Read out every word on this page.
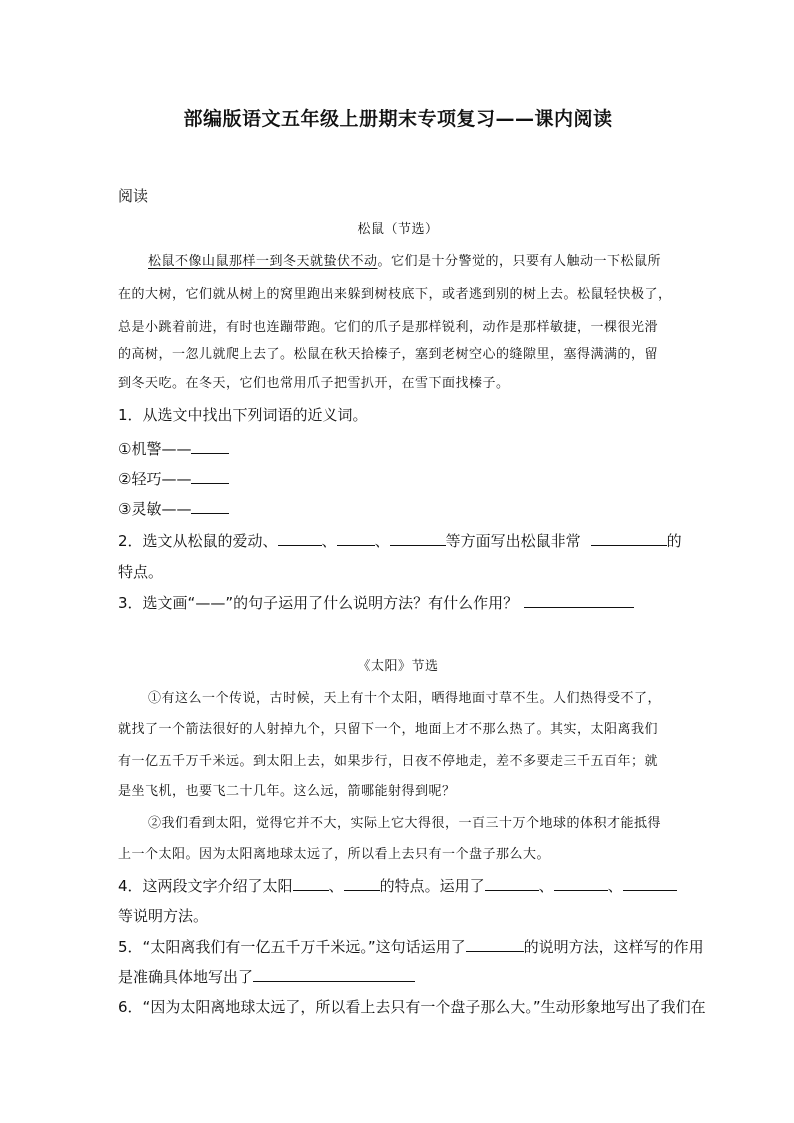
部编版语文五年级上册期末专项复习——课内阅读
阅读
松鼠（节选）
松鼠不像山鼠那样一到冬天就蛰伏不动。它们是十分警觉的，只要有人触动一下松鼠所
在的大树，它们就从树上的窝里跑出来躲到树枝底下，或者逃到别的树上去。松鼠轻快极了，
总是小跳着前进，有时也连蹦带跑。它们的爪子是那样锐利，动作是那样敏捷，一棵很光滑
的高树，一忽儿就爬上去了。松鼠在秋天拾榛子，塞到老树空心的缝隙里，塞得满满的，留
到冬天吃。在冬天，它们也常用爪子把雪扒开，在雪下面找榛子。
1．从选文中找出下列词语的近义词。
①机警——
②轻巧——
③灵敏——
2．选文从松鼠的爱动、	、	、	等方面写出松鼠非常	的
特点。
3．选文画“——”的句子运用了什么说明方法？有什么作用？
《太阳》节选
①有这么一个传说，古时候，天上有十个太阳，晒得地面寸草不生。人们热得受不了，
就找了一个箭法很好的人射掉九个，只留下一个，地面上才不那么热了。其实，太阳离我们
有一亿五千万千米远。到太阳上去，如果步行，日夜不停地走，差不多要走三千五百年；就
是坐飞机，也要飞二十几年。这么远，箭哪能射得到呢？
②我们看到太阳，觉得它并不大，实际上它大得很，一百三十万个地球的体积才能抵得
上一个太阳。因为太阳离地球太远了，所以看上去只有一个盘子那么大。
4．这两段文字介绍了太阳 、 的特点。运用了	、	、
等说明方法。
5．“太阳离我们有一亿五千万千米远。”这句话运用了	的说明方法，这样写的作用
是准确具体地写出了
6．“因为太阳离地球太远了，所以看上去只有一个盘子那么大。”生动形象地写出了我们在
